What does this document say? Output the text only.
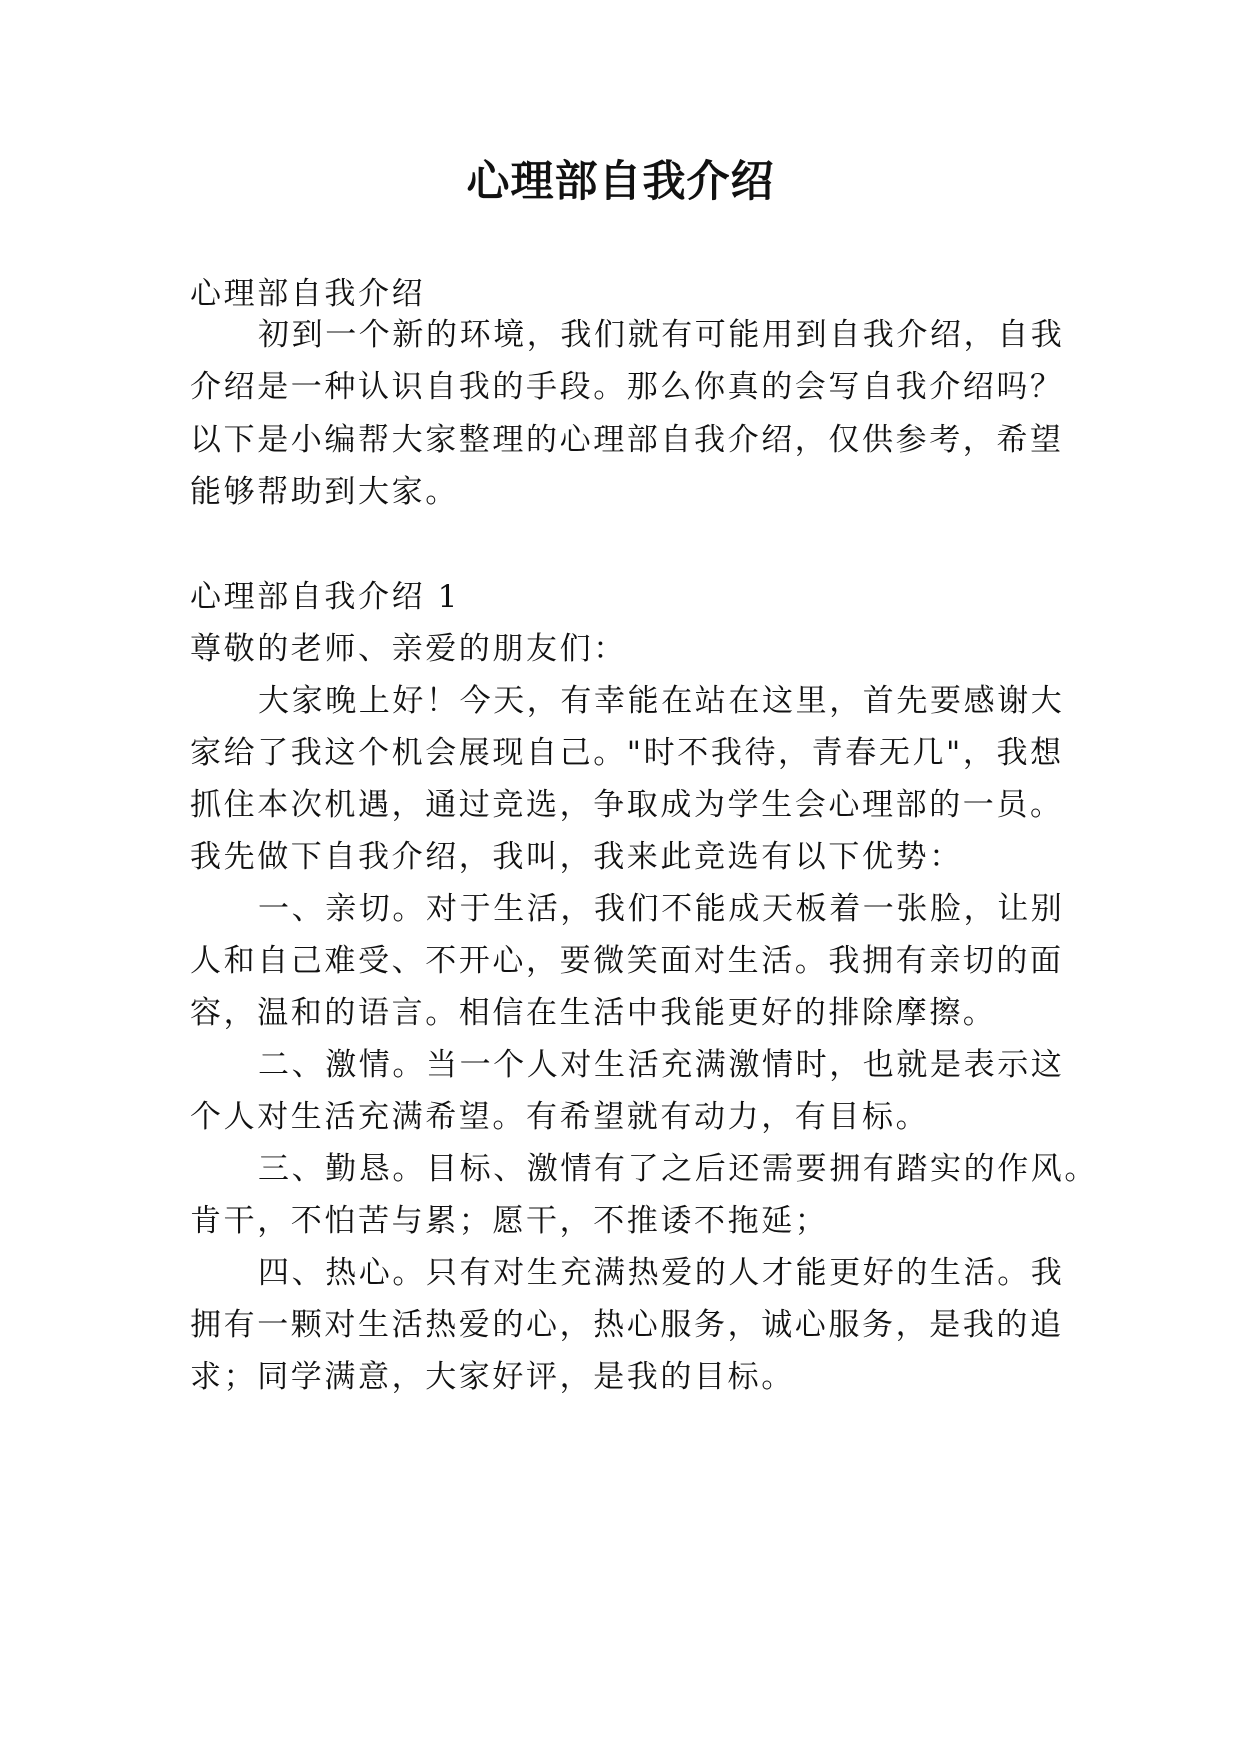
心理部自我介绍

心理部自我介绍

初到一个新的环境，我们就有可能用到自我介绍，自我

介绍是一种认识自我的手段。那么你真的会写自我介绍吗？

以下是小编帮大家整理的心理部自我介绍，仅供参考，希望

能够帮助到大家。

心理部自我介绍 1

尊敬的老师、亲爱的朋友们：

大家晚上好！今天，有幸能在站在这里，首先要感谢大

家给了我这个机会展现自己。"时不我待，青春无几"，我想

抓住本次机遇，通过竞选，争取成为学生会心理部的一员。

我先做下自我介绍，我叫，我来此竞选有以下优势：

一、亲切。对于生活，我们不能成天板着一张脸，让别

人和自己难受、不开心，要微笑面对生活。我拥有亲切的面

容，温和的语言。相信在生活中我能更好的排除摩擦。

二、激情。当一个人对生活充满激情时，也就是表示这

个人对生活充满希望。有希望就有动力，有目标。

三、勤恳。目标、激情有了之后还需要拥有踏实的作风。

肯干，不怕苦与累；愿干，不推诿不拖延；

四、热心。只有对生充满热爱的人才能更好的生活。我

拥有一颗对生活热爱的心，热心服务，诚心服务，是我的追

求；同学满意，大家好评，是我的目标。
